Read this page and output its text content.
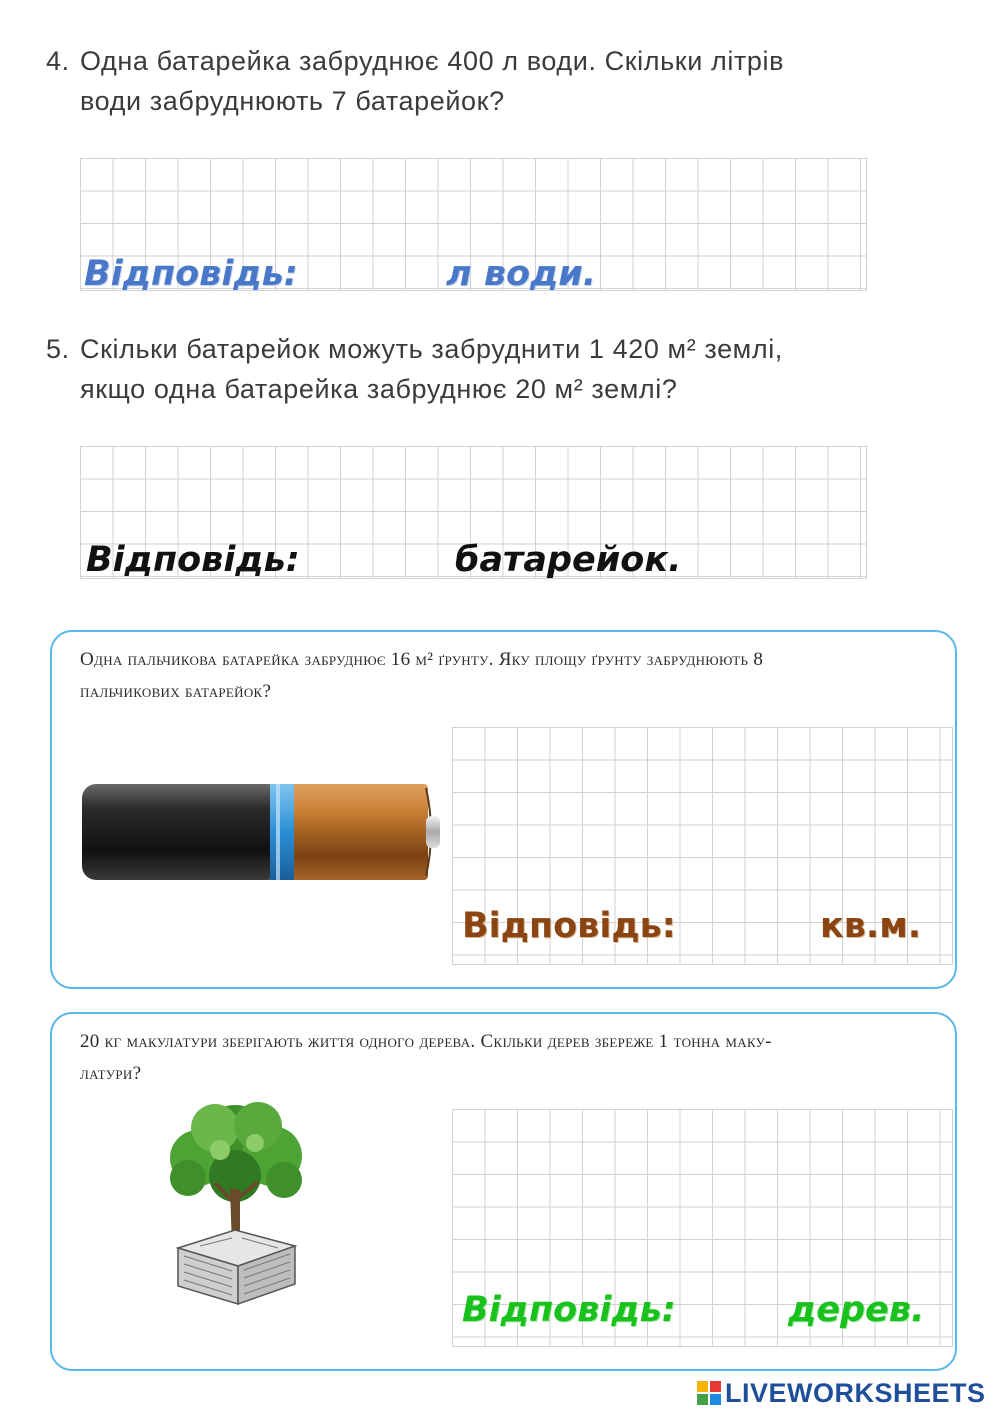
4. Одна батарейка забруднює 400 л води. Скільки літрів
води забруднюють 7 батарейок?
Відповідь:	л води.
5. Скільки батарейок можуть забруднити 1 420 м² землі,
якщо одна батарейка забруднює 20 м² землі?
Відповідь:	батарейок.
Одна пальчикова батарейка забруднює 16 м² ґрунту. Яку площу ґрунту забруднюють 8
пальчикових батарейок?
Відповідь:	кв.м.
20 кг макулатури зберігають життя одного дерева. Скільки дерев збереже 1 тонна маку-
латури?
Відповідь:	дерев.
LIVEWORKSHEETS
